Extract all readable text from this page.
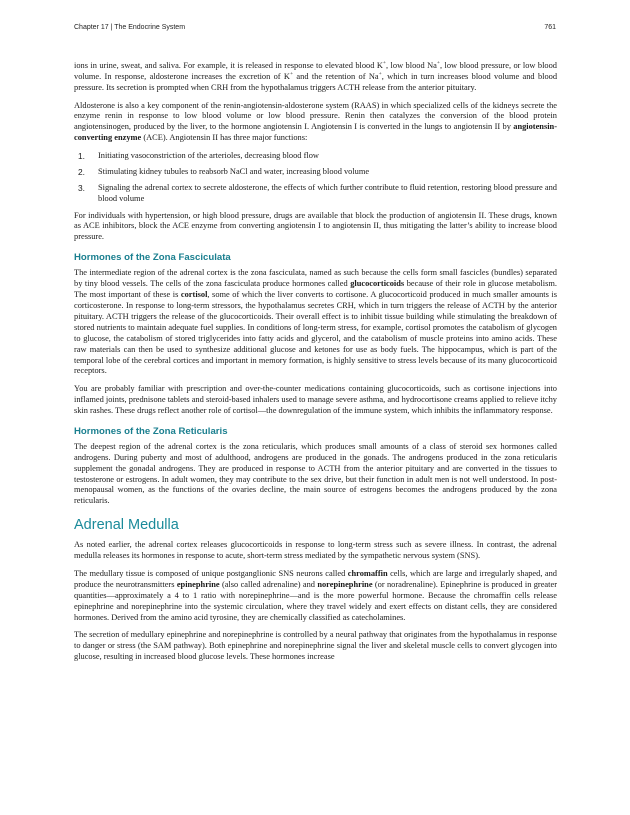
Chapter 17 | The Endocrine System	761

ions in urine, sweat, and saliva. For example, it is released in response to elevated blood K+, low blood Na+, low blood pressure, or low blood volume. In response, aldosterone increases the excretion of K+ and the retention of Na+, which in turn increases blood volume and blood pressure. Its secretion is prompted when CRH from the hypothalamus triggers ACTH release from the anterior pituitary.

Aldosterone is also a key component of the renin-angiotensin-aldosterone system (RAAS) in which specialized cells of the kidneys secrete the enzyme renin in response to low blood volume or low blood pressure. Renin then catalyzes the conversion of the blood protein angiotensinogen, produced by the liver, to the hormone angiotensin I. Angiotensin I is converted in the lungs to angiotensin II by angiotensin-converting enzyme (ACE). Angiotensin II has three major functions:

1.	Initiating vasoconstriction of the arterioles, decreasing blood flow
2.	Stimulating kidney tubules to reabsorb NaCl and water, increasing blood volume
3.	Signaling the adrenal cortex to secrete aldosterone, the effects of which further contribute to fluid retention, restoring blood pressure and blood volume

For individuals with hypertension, or high blood pressure, drugs are available that block the production of angiotensin II. These drugs, known as ACE inhibitors, block the ACE enzyme from converting angiotensin I to angiotensin II, thus mitigating the latter’s ability to increase blood pressure.

Hormones of the Zona Fasciculata

The intermediate region of the adrenal cortex is the zona fasciculata, named as such because the cells form small fascicles (bundles) separated by tiny blood vessels. The cells of the zona fasciculata produce hormones called glucocorticoids because of their role in glucose metabolism. The most important of these is cortisol, some of which the liver converts to cortisone. A glucocorticoid produced in much smaller amounts is corticosterone. In response to long-term stressors, the hypothalamus secretes CRH, which in turn triggers the release of ACTH by the anterior pituitary. ACTH triggers the release of the glucocorticoids. Their overall effect is to inhibit tissue building while stimulating the breakdown of stored nutrients to maintain adequate fuel supplies. In conditions of long-term stress, for example, cortisol promotes the catabolism of glycogen to glucose, the catabolism of stored triglycerides into fatty acids and glycerol, and the catabolism of muscle proteins into amino acids. These raw materials can then be used to synthesize additional glucose and ketones for use as body fuels. The hippocampus, which is part of the temporal lobe of the cerebral cortices and important in memory formation, is highly sensitive to stress levels because of its many glucocorticoid receptors.

You are probably familiar with prescription and over-the-counter medications containing glucocorticoids, such as cortisone injections into inflamed joints, prednisone tablets and steroid-based inhalers used to manage severe asthma, and hydrocortisone creams applied to relieve itchy skin rashes. These drugs reflect another role of cortisol—the downregulation of the immune system, which inhibits the inflammatory response.

Hormones of the Zona Reticularis

The deepest region of the adrenal cortex is the zona reticularis, which produces small amounts of a class of steroid sex hormones called androgens. During puberty and most of adulthood, androgens are produced in the gonads. The androgens produced in the zona reticularis supplement the gonadal androgens. They are produced in response to ACTH from the anterior pituitary and are converted in the tissues to testosterone or estrogens. In adult women, they may contribute to the sex drive, but their function in adult men is not well understood. In post-menopausal women, as the functions of the ovaries decline, the main source of estrogens becomes the androgens produced by the zona reticularis.

Adrenal Medulla

As noted earlier, the adrenal cortex releases glucocorticoids in response to long-term stress such as severe illness. In contrast, the adrenal medulla releases its hormones in response to acute, short-term stress mediated by the sympathetic nervous system (SNS).

The medullary tissue is composed of unique postganglionic SNS neurons called chromaffin cells, which are large and irregularly shaped, and produce the neurotransmitters epinephrine (also called adrenaline) and norepinephrine (or noradrenaline). Epinephrine is produced in greater quantities—approximately a 4 to 1 ratio with norepinephrine—and is the more powerful hormone. Because the chromaffin cells release epinephrine and norepinephrine into the systemic circulation, where they travel widely and exert effects on distant cells, they are considered hormones. Derived from the amino acid tyrosine, they are chemically classified as catecholamines.

The secretion of medullary epinephrine and norepinephrine is controlled by a neural pathway that originates from the hypothalamus in response to danger or stress (the SAM pathway). Both epinephrine and norepinephrine signal the liver and skeletal muscle cells to convert glycogen into glucose, resulting in increased blood glucose levels. These hormones increase
